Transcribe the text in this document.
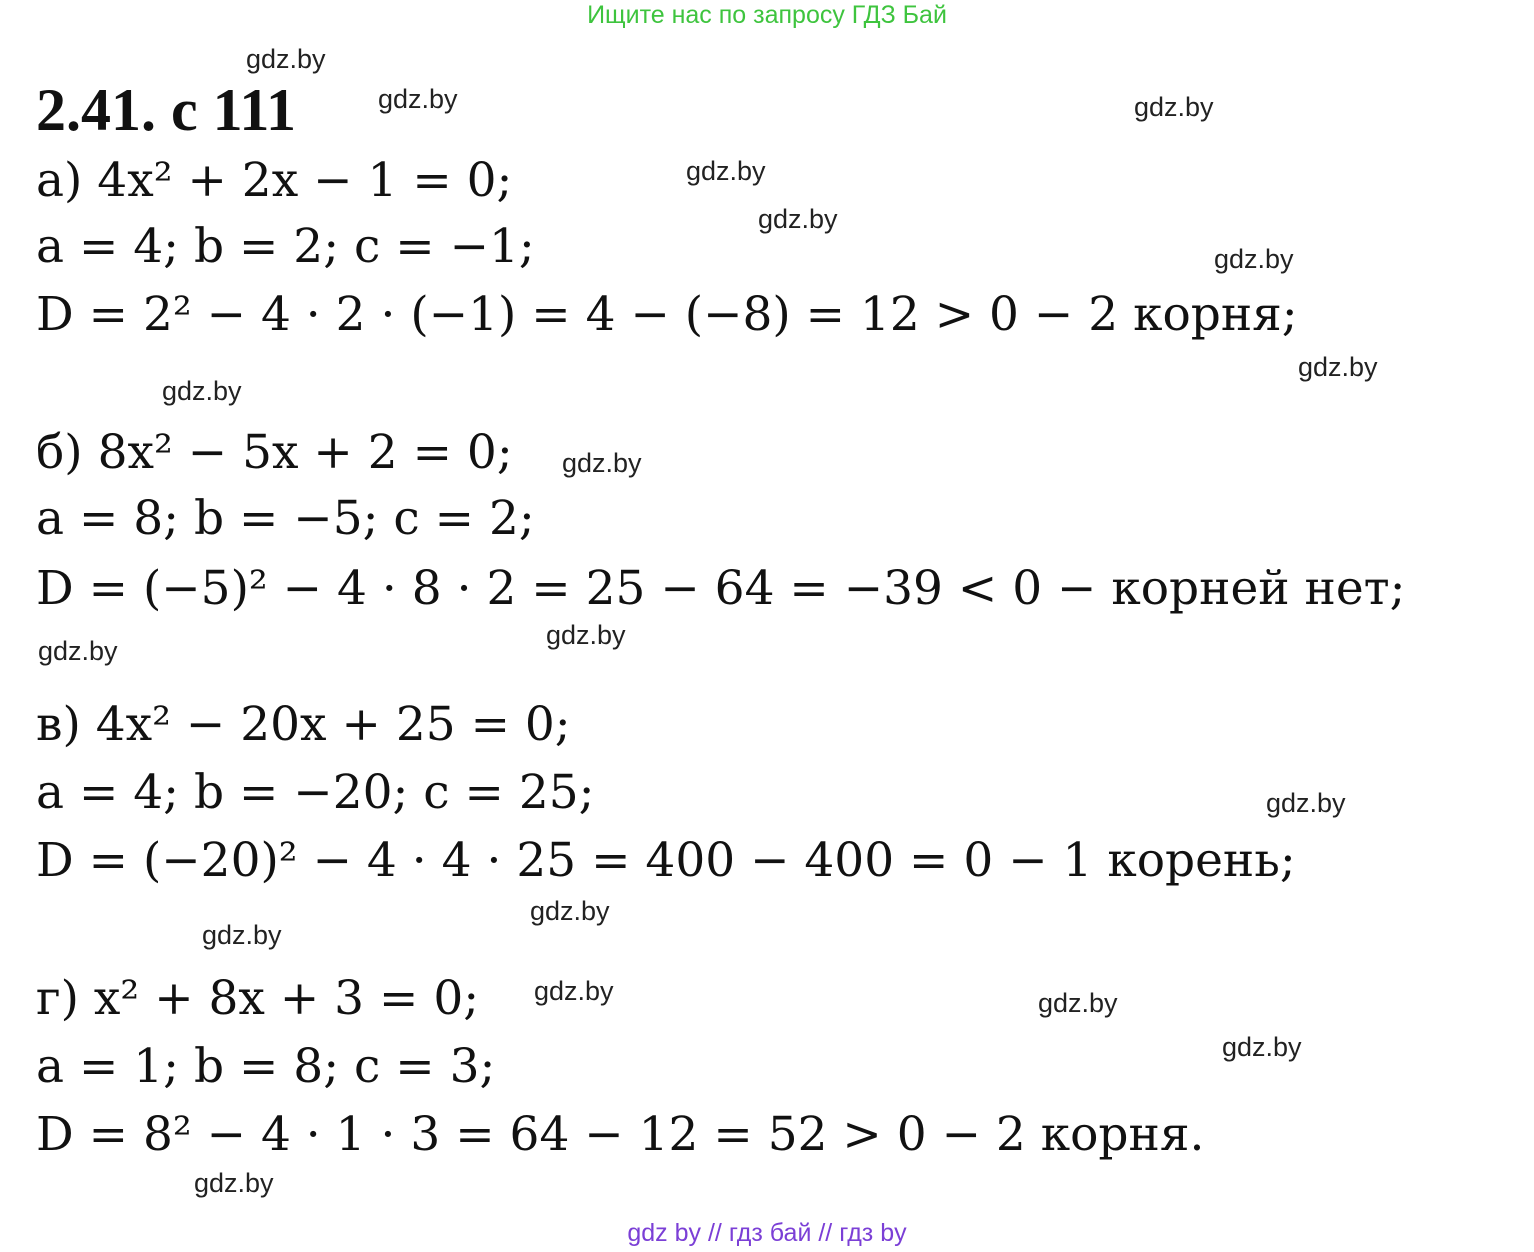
Ищите нас по запросу ГДЗ Бай
2.41. с 111
а) 4x² + 2x − 1 = 0;
a = 4; b = 2; c = −1;
D = 2² − 4 · 2 · (−1) = 4 − (−8) = 12 > 0 − 2 корня;
б) 8x² − 5x + 2 = 0;
a = 8; b = −5; c = 2;
D = (−5)² − 4 · 8 · 2 = 25 − 64 = −39 < 0 − корней нет;
в) 4x² − 20x + 25 = 0;
a = 4; b = −20; c = 25;
D = (−20)² − 4 · 4 · 25 = 400 − 400 = 0 − 1 корень;
г) x² + 8x + 3 = 0;
a = 1; b = 8; c = 3;
D = 8² − 4 · 1 · 3 = 64 − 12 = 52 > 0 − 2 корня.
gdz.by
gdz.by	gdz.by
gdz.by
gdz.by
gdz.by
gdz.by
gdz.by
gdz.by
gdz.by
gdz.by
gdz.by
gdz.by
gdz.by
gdz.by	gdz.by
gdz.by
gdz.by
gdz by // гдз бай // гдз by
